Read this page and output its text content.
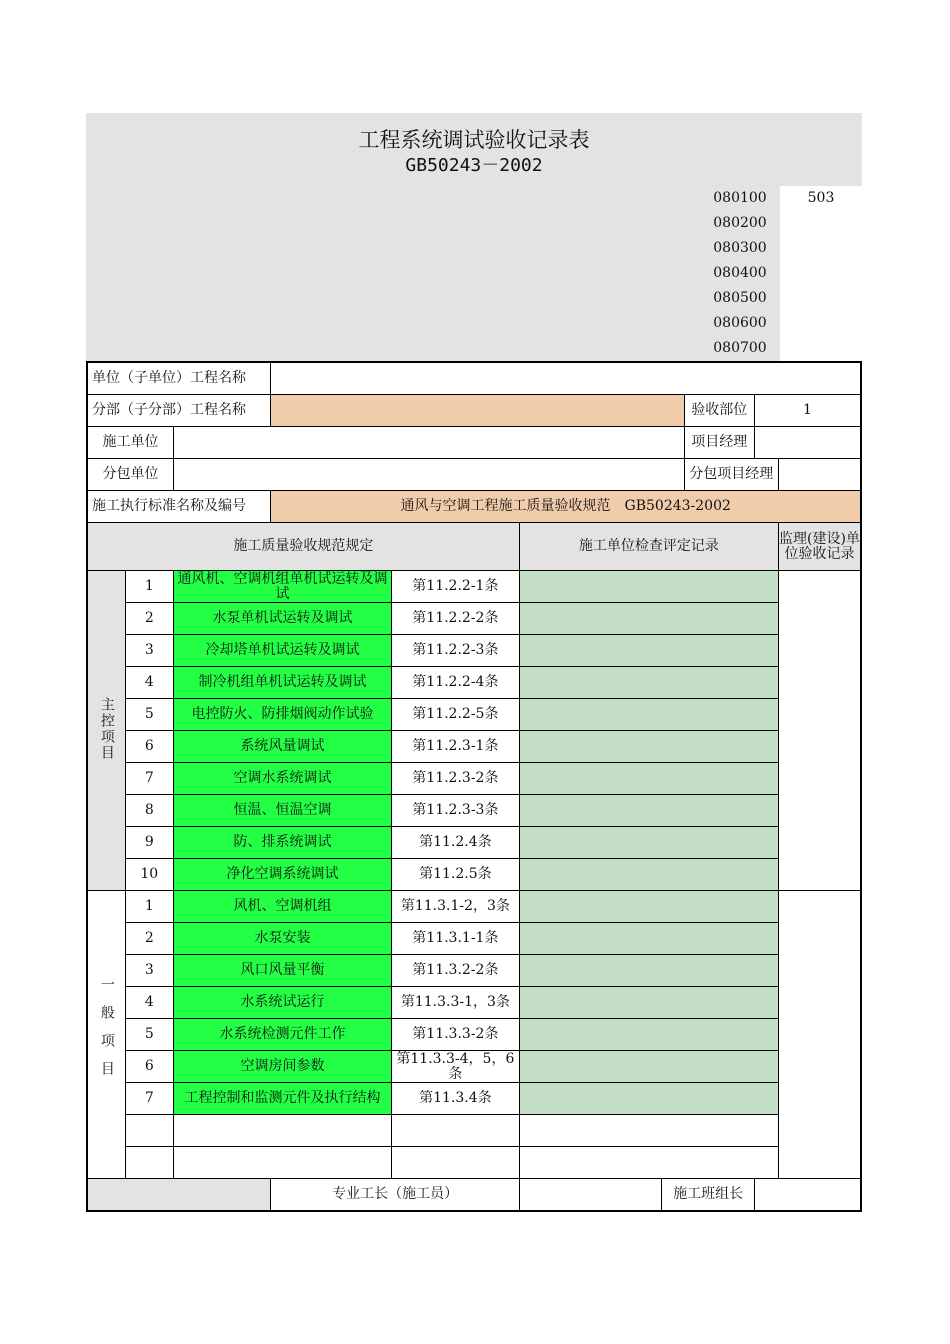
工程系统调试验收记录表
GB50243－2002
503
080100
080200
080300
080400
080500
080600
080700
单位（子单位）工程名称									
分部（子分部）工程名称							验收部位	1	
施工单位							项目经理		
分包单位							分包项目经理		
施工执行标准名称及编号			通风与空调工程施工质量验收规范　GB50243-2002						
施工质量验收规范规定					施工单位检查评定记录				监理(建设)单位验收记录
主控项目	1	通风机、空调机组单机试运转及调试		第11.2.2-1条					
	2	水泵单机试运转及调试		第11.2.2-2条					
	3	冷却塔单机试运转及调试		第11.2.2-3条					
	4	制冷机组单机试运转及调试		第11.2.2-4条					
	5	电控防火、防排烟阀动作试验		第11.2.2-5条					
	6	系统风量调试		第11.2.3-1条					
	7	空调水系统调试		第11.2.3-2条					
	8	恒温、恒温空调		第11.2.3-3条					
	9	防、排系统调试		第11.2.4条					
	10	净化空调系统调试		第11.2.5条					
一般项目	1	风机、空调机组		第11.3.1-2，3条					
	2	水泵安装		第11.3.1-1条					
	3	风口风量平衡		第11.3.2-2条					
	4	水系统试运行		第11.3.3-1，3条					
	5	水系统检测元件工作		第11.3.3-2条					
	6	空调房间参数		第11.3.3-4，5，6条					
	7	工程控制和监测元件及执行结构		第11.3.4条					

			专业工长（施工员）			施工班组长			
